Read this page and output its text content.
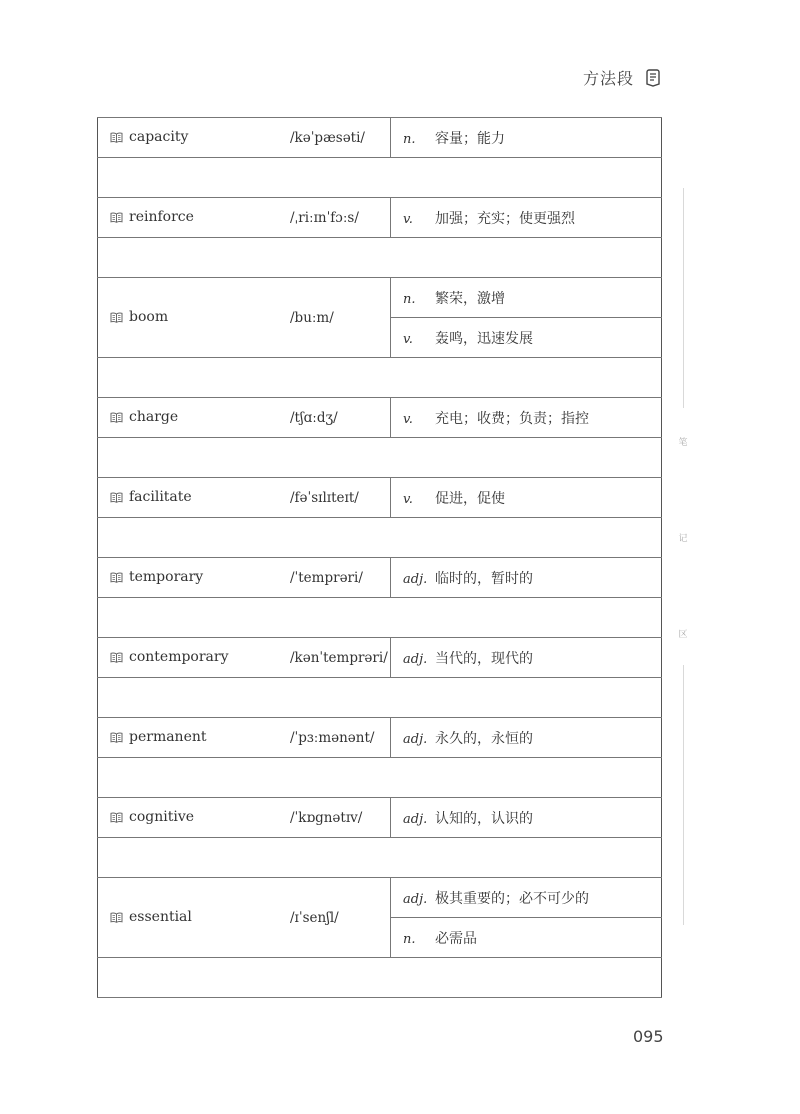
方法段
capacity	/kəˈpæsəti/	n. 容量；能力

reinforce	/ˌriːɪnˈfɔːs/	v. 加强；充实；使更强烈

boom	/buːm/	n. 繁荣，激增
		v. 轰鸣，迅速发展

charge	/tʃɑːdʒ/	v. 充电；收费；负责；指控

facilitate	/fəˈsɪlɪteɪt/	v. 促进，促使

temporary	/ˈtemprəri/	adj. 临时的，暂时的

contemporary	/kənˈtemprəri/	adj. 当代的，现代的

permanent	/ˈpɜːmənənt/	adj. 永久的，永恒的

cognitive	/ˈkɒgnətɪv/	adj. 认知的，认识的

essential	/ɪˈsenʃl/	adj. 极其重要的；必不可少的
		n. 必需品

笔
记
区
095
